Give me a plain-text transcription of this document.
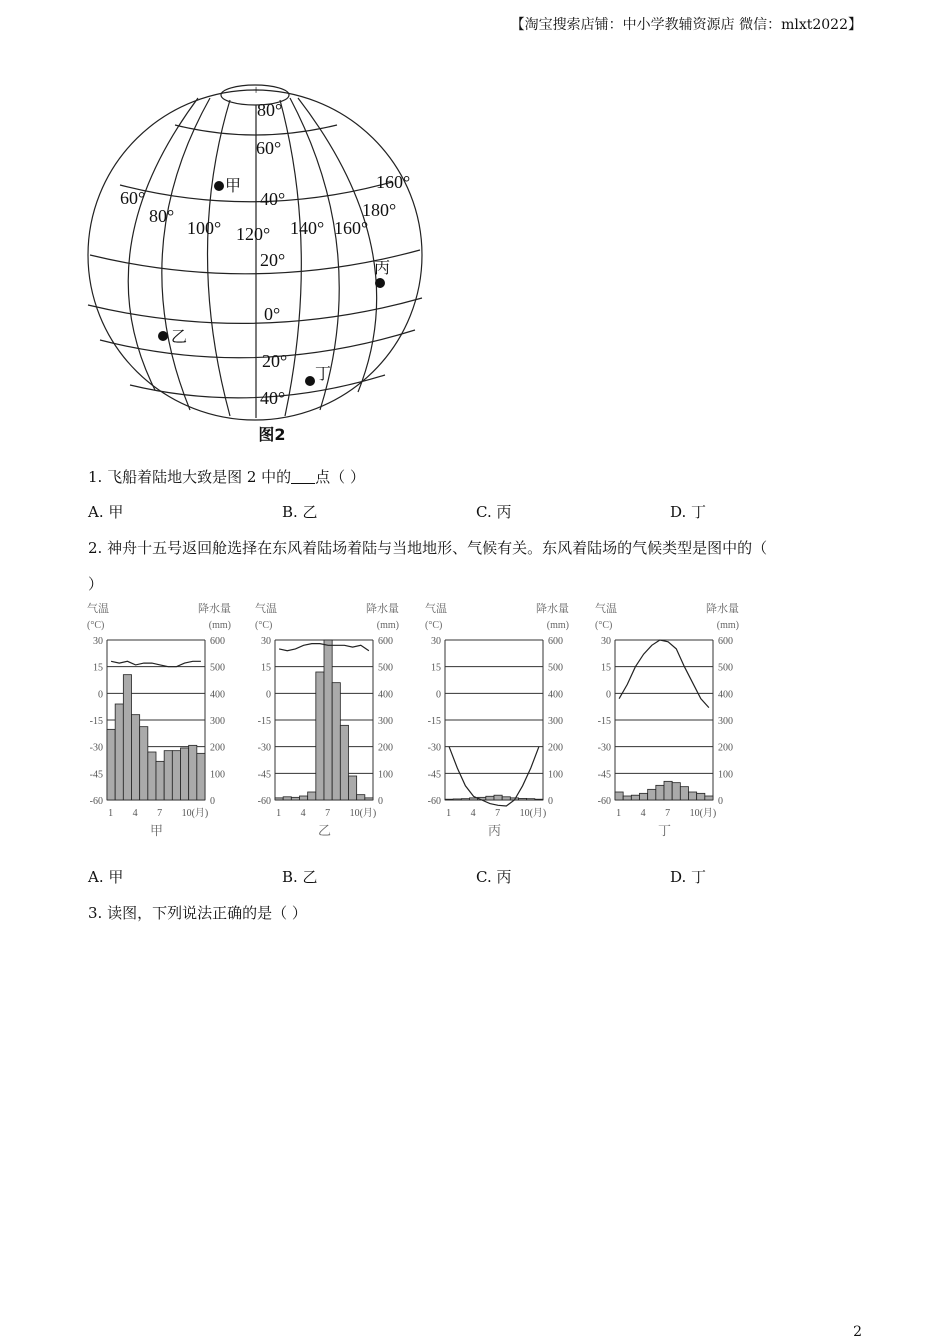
【淘宝搜索店铺：中小学教辅资源店 微信：mlxt2022】
+
80°
60°
40°
20°
0°
20°
40°
60°
80°
100° 120° 140° 160°
180°
160°
甲
乙
丙
丁
图2
1. 飞船着陆地大致是图 2 中的 点（ ）
A. 甲	B. 乙	C. 丙	D. 丁
2. 神舟十五号返回舱选择在东风着陆场着陆与当地地形、气候有关。东风着陆场的气候类型是图中的（
）
气温
(°C)
降水量
(mm)
30	600
15	500
0	400
-15	300
-30	200
-45	100
-60	0
1 4 7 10(月)
甲
气温
(°C)
降水量
(mm)
30	600
15	500
0	400
-15	300
-30	200
-45	100
-60	0
1 4 7 10(月)
乙
气温
(°C)
降水量
(mm)
30	600
15	500
0	400
-15	300
-30	200
-45	100
-60	0
1 4 7 10(月)
丙
气温
(°C)
降水量
(mm)
30	600
15	500
0	400
-15	300
-30	200
-45	100
-60	0
1 4 7 10(月)
丁
A. 甲	B. 乙	C. 丙	D. 丁
3. 读图，下列说法正确的是（ ）
2
